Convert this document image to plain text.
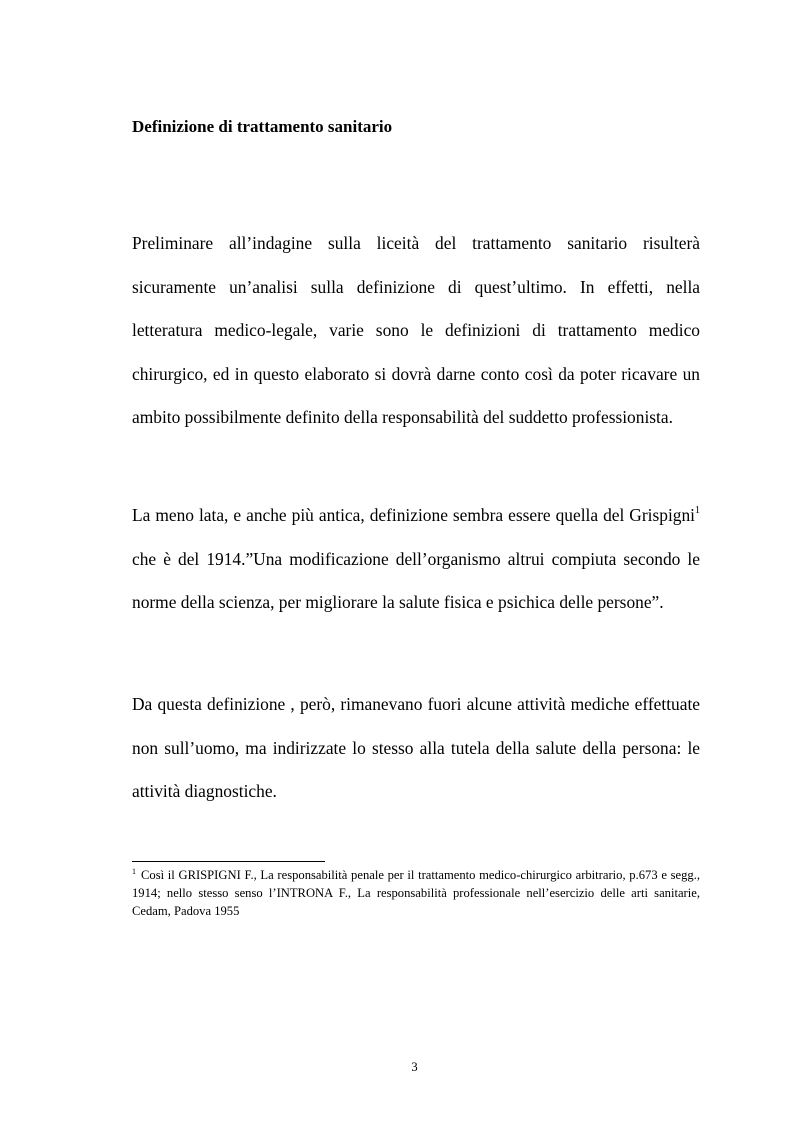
Definizione di trattamento sanitario

Preliminare all’indagine sulla liceità del trattamento sanitario risulterà sicuramente un’analisi sulla definizione di quest’ultimo. In effetti, nella letteratura medico-legale, varie sono le definizioni di trattamento medico chirurgico, ed in questo elaborato si dovrà darne conto così da poter ricavare un ambito possibilmente definito della responsabilità del suddetto professionista.

La meno lata, e anche più antica, definizione sembra essere quella del Grispigni$^1$ che è del 1914.”Una modificazione dell’organismo altrui compiuta secondo le norme della scienza, per migliorare la salute fisica e psichica delle persone”.

Da questa definizione , però, rimanevano fuori alcune attività mediche effettuate non sull’uomo, ma indirizzate lo stesso alla tutela della salute della persona: le attività diagnostiche.

$^1$ Così il GRISPIGNI F., La responsabilità penale per il trattamento medico-chirurgico arbitrario, p.673 e segg., 1914; nello stesso senso l’INTRONA F., La responsabilità professionale nell’esercizio delle arti sanitarie, Cedam, Padova 1955

3
